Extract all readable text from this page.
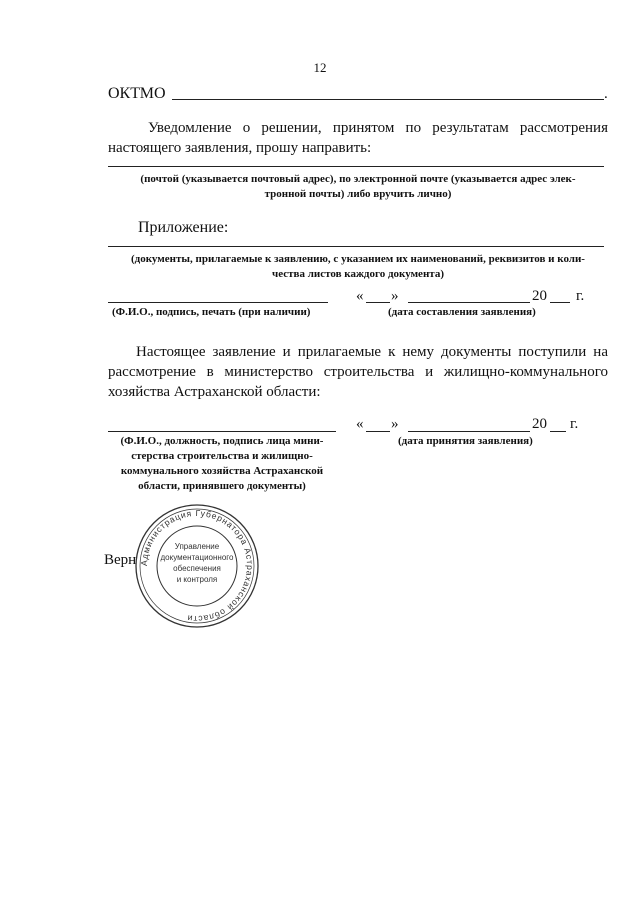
12
ОКТМО	.
Уведомление о решении, принятом по результатам рассмотрения настоящего заявления, прошу направить:
(почтой (указывается почтовый адрес), по электронной почте (указывается адрес элек-
тронной почты) либо вручить лично)
Приложение:
(документы, прилагаемые к заявлению, с указанием их наименований, реквизитов и коли-
чества листов каждого документа)
« »	20 г.
(Ф.И.О., подпись, печать (при наличии)	(дата составления заявления)
Настоящее заявление и прилагаемые к нему документы поступили на рассмотрение в министерство строительства и жилищно-коммунального хозяйства Астраханской области:
« »	20 г.
(Ф.И.О., должность, подпись лица мини-
стерства строительства и жилищно-
коммунального хозяйства Астраханской
области, принявшего документы)
(дата принятия заявления)
Верн Администрация Губернатора Астраханской области
Управление
документационного
обеспечения
и контроля
